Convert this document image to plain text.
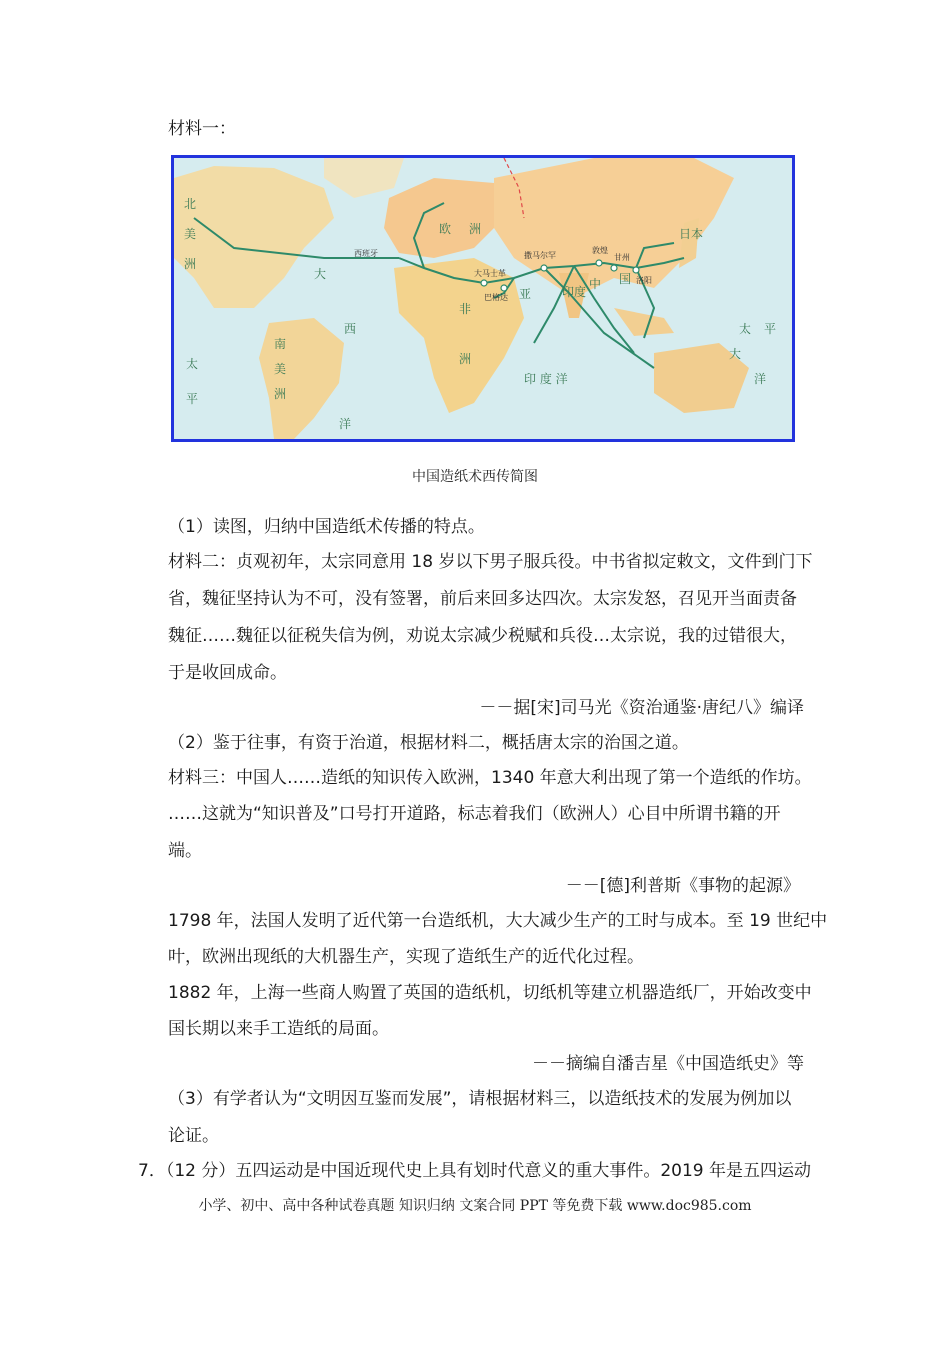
材料一：
北
美
洲
大
南
美
洲
太
平
西
洋
欧 洲
非
洲
印 度 洋
太 平
洋
大
中 国
亚	印度
日本
西班牙
大马士革
巴格达
撒马尔罕
敦煌
甘州
洛阳
中国造纸术西传简图
（1）读图，归纳中国造纸术传播的特点。
材料二：贞观初年，太宗同意用 18 岁以下男子服兵役。中书省拟定敕文，文件到门下
省，魏征坚持认为不可，没有签署，前后来回多达四次。太宗发怒，召见开当面责备
魏征……魏征以征税失信为例，劝说太宗减少税赋和兵役…太宗说，我的过错很大，
于是收回成命。
－－据[宋]司马光《资治通鉴·唐纪八》编译
（2）鉴于往事，有资于治道，根据材料二，概括唐太宗的治国之道。
材料三：中国人……造纸的知识传入欧洲，1340 年意大利出现了第一个造纸的作坊。
……这就为“知识普及”口号打开道路，标志着我们（欧洲人）心目中所谓书籍的开
端。
－－[德]利普斯《事物的起源》
1798 年，法国人发明了近代第一台造纸机，大大减少生产的工时与成本。至 19 世纪中
叶，欧洲出现纸的大机器生产，实现了造纸生产的近代化过程。
1882 年，上海一些商人购置了英国的造纸机，切纸机等建立机器造纸厂，开始改变中
国长期以来手工造纸的局面。
－－摘编自潘吉星《中国造纸史》等
（3）有学者认为“文明因互鉴而发展”，请根据材料三，以造纸技术的发展为例加以
论证。
7．（12 分）五四运动是中国近现代史上具有划时代意义的重大事件。2019 年是五四运动
小学、初中、高中各种试卷真题 知识归纳 文案合同 PPT 等免费下载 www.doc985.com
